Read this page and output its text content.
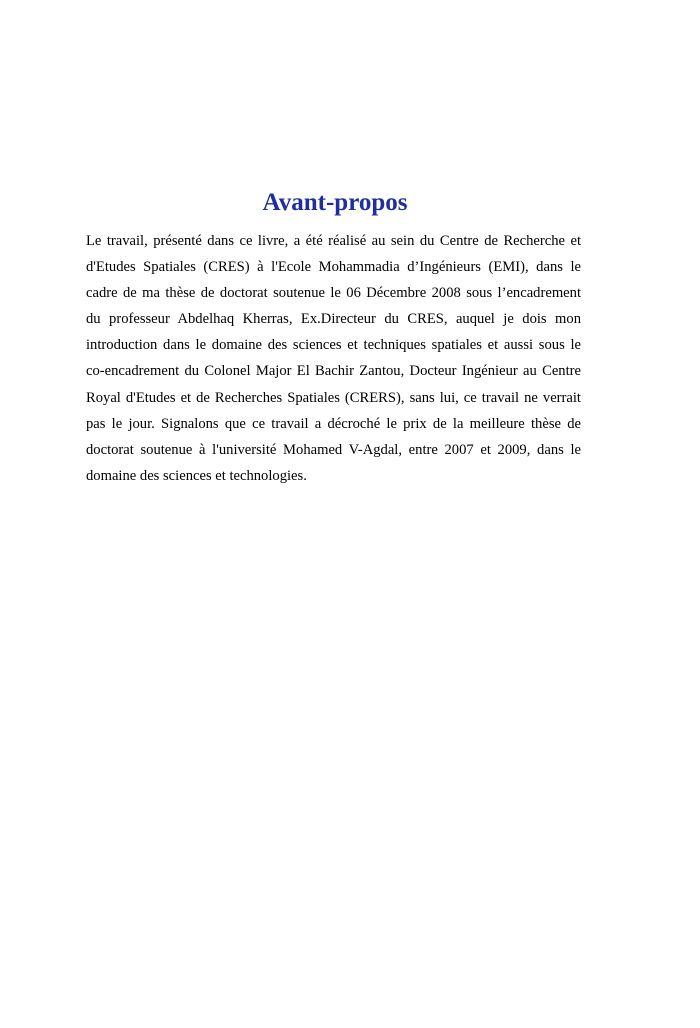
Avant-propos
Le travail, présenté dans ce livre, a été réalisé au sein du Centre de Recherche et
d'Etudes Spatiales (CRES) à l'Ecole Mohammadia d’Ingénieurs (EMI), dans le
cadre de ma thèse de doctorat soutenue le 06 Décembre 2008 sous l’encadrement
du professeur Abdelhaq Kherras, Ex.Directeur du CRES, auquel je dois mon
introduction dans le domaine des sciences et techniques spatiales et aussi sous le
co-encadrement du Colonel Major El Bachir Zantou, Docteur Ingénieur au Centre
Royal d'Etudes et de Recherches Spatiales (CRERS), sans lui, ce travail ne verrait
pas le jour. Signalons que ce travail a décroché le prix de la meilleure thèse de
doctorat soutenue à l'université Mohamed V-Agdal, entre 2007 et 2009, dans le
domaine des sciences et technologies.
